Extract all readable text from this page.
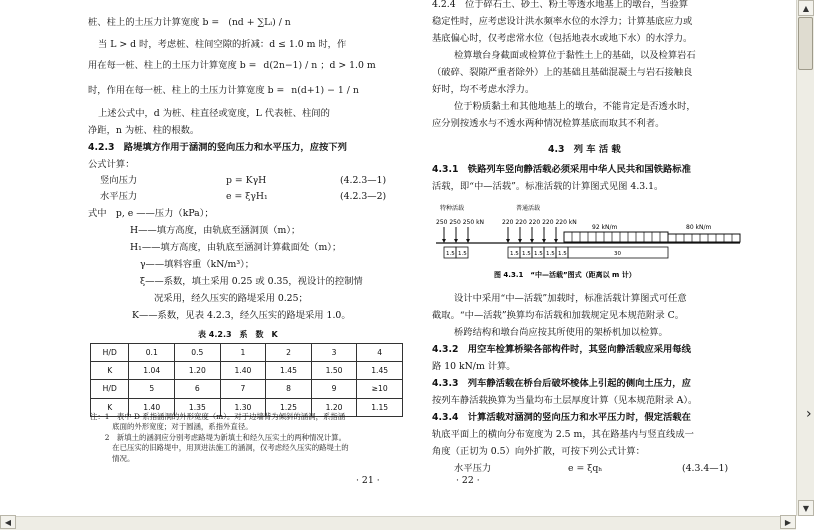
桩、柱上的土压力计算宽度 b = (nd + ∑Lᵢ) / n
当 L > d 时，考虑桩、柱间空隙的折减：d ≤ 1.0 m 时，作
用在每一桩、柱上的土压力计算宽度 b = d(2n−1) / n ；d > 1.0 m
时，作用在每一桩、柱上的土压力计算宽度 b = n(d+1) − 1 / n
上述公式中，d 为桩、柱直径或宽度，L 代表桩、柱间的
净距，n 为桩、柱的根数。
4.2.3　路堤填方作用于涵洞的竖向压力和水平压力，应按下列
公式计算：
竖向压力	p = KγH	(4.2.3—1)
水平压力	e = ξγH₁	(4.2.3—2)
式中　p, e ——压力（kPa）；
H——填方高度，由轨底至涵洞顶（m）；
H₁——填方高度，由轨底至涵洞计算截面处（m）；
γ——填料容重（kN/m³）；
ξ——系数，填土采用 0.25 或 0.35，视设计的控制情
况采用，经久压实的路堤采用 0.25；
K——系数，见表 4.2.3，经久压实的路堤采用 1.0。
表 4.2.3　系　数　K
H/D	0.1	0.5	1	2	3	4
K	1.04	1.20	1.40	1.45	1.50	1.45
H/D	5	6	7	8	9	≥10
K	1.40	1.35	1.30	1.25	1.20	1.15
注：1　表中 D 系指涵洞的外形宽度（m）。对于边墙背为倾斜的涵洞，系指涵
　　　底面的外形宽度；对于圆涵，系指外直径。
　　2　新填土的涵洞应分别考虑路堤为新填土和经久压实土的两种情况计算。
　　　在已压实的旧路堤中，用顶进法施工的涵洞，仅考虑经久压实的路堤土的
　　　情况。
· 21 ·
4.2.4　位于碎石土、砂土、粉土等透水地基上的墩台，当验算
稳定性时，应考虑设计洪水频率水位的水浮力；计算基底应力或
基底偏心时，仅考虑常水位（包括地表水或地下水）的水浮力。
检算墩台身截面或检算位于黏性土上的基础，以及检算岩石
（破碎、裂隙严重者除外）上的基础且基础混凝土与岩石接触良
好时，均不考虑水浮力。
位于粉质黏土和其他地基上的墩台，不能肯定是否透水时，
应分别按透水与不透水两种情况检算基底而取其不利者。
4.3　列 车 活 载
4.3.1　铁路列车竖向静活载必须采用中华人民共和国铁路标准
活载，即“中—活载”。标准活载的计算图式见图 4.3.1。
特种活载	普通活载
250 250 250 kN	220 220 220 220 220 kN
92 kN/m	80 kN/m
1.5 1.5	1.5 1.5 1.5 1.5 1.5	30
图 4.3.1　“中—活载”图式（距离以 m 计）
设计中采用“中—活载”加载时，标准活载计算图式可任意
截取。“中—活载”换算均布活载和加载规定见本规范附录 C。
桥跨结构和墩台尚应按其所使用的架桥机加以检算。
4.3.2　用空车检算桥梁各部构件时，其竖向静活载应采用每线
路 10 kN/m 计算。
4.3.3　列车静活载在桥台后破坏棱体上引起的侧向土压力，应
按列车静活载换算为当量均布土层厚度计算（见本规范附录 A）。
4.3.4　计算活载对涵洞的竖向压力和水平压力时，假定活载在
轨底平面上的横向分布宽度为 2.5 m，其在路基内与竖直线成一
角度（正切为 0.5）向外扩散，可按下列公式计算：
水平压力	e = ξqₕ	(4.3.4—1)
· 22 ·
▲
▼
◀	▶
›
